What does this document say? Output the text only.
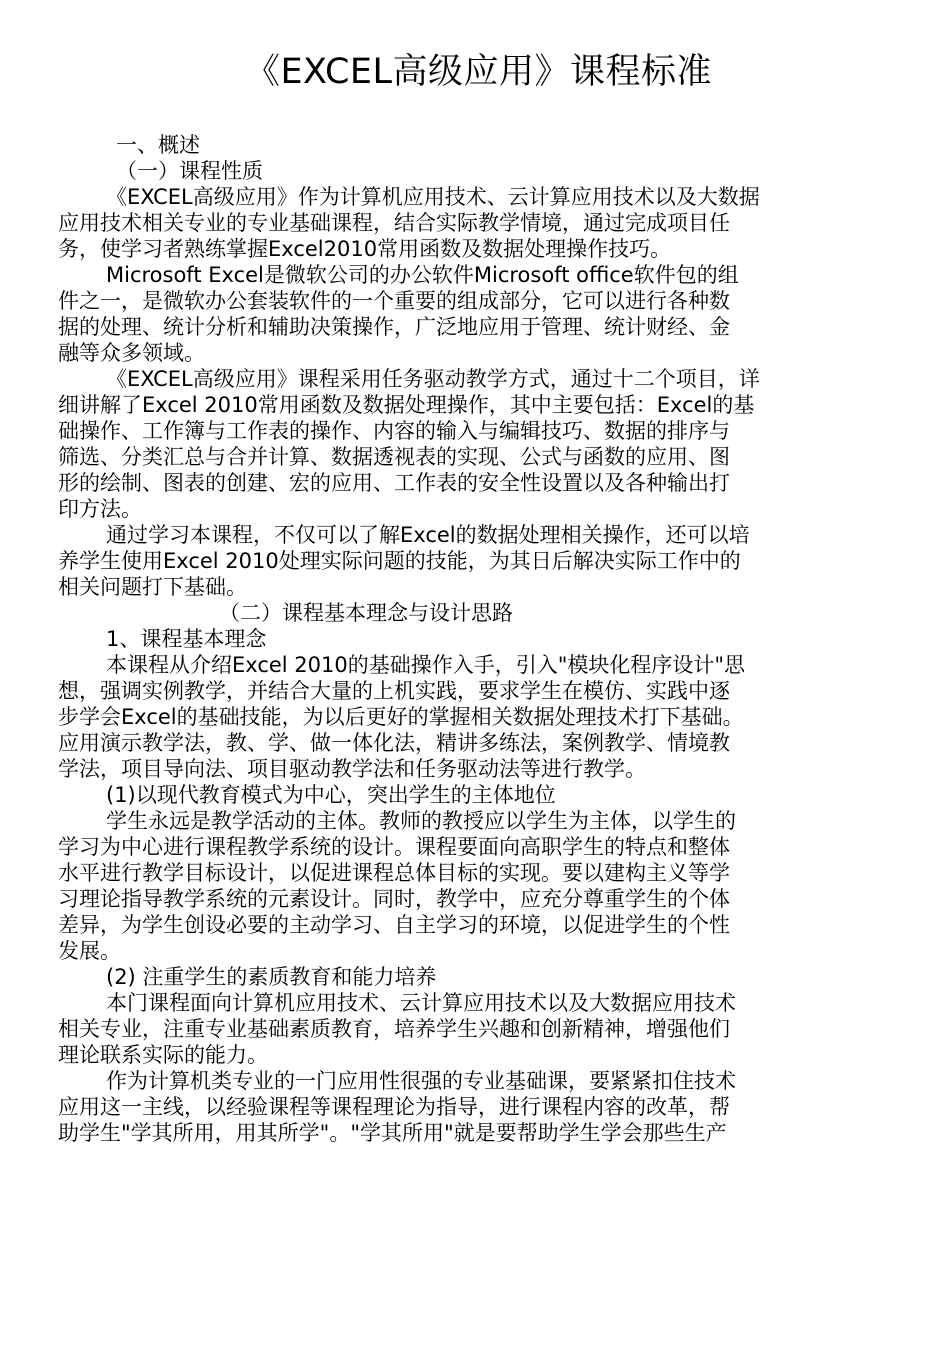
《EXCEL高级应用》课程标准

一、概述

（一）课程性质

《EXCEL高级应用》作为计算机应用技术、云计算应用技术以及大数据

应用技术相关专业的专业基础课程，结合实际教学情境，通过完成项目任

务，使学习者熟练掌握Excel2010常用函数及数据处理操作技巧。

Microsoft Excel是微软公司的办公软件Microsoft office软件包的组

件之一，是微软办公套装软件的一个重要的组成部分，它可以进行各种数

据的处理、统计分析和辅助决策操作，广泛地应用于管理、统计财经、金

融等众多领域。

《EXCEL高级应用》课程采用任务驱动教学方式，通过十二个项目，详

细讲解了Excel 2010常用函数及数据处理操作，其中主要包括：Excel的基

础操作、工作簿与工作表的操作、内容的输入与编辑技巧、数据的排序与

筛选、分类汇总与合并计算、数据透视表的实现、公式与函数的应用、图

形的绘制、图表的创建、宏的应用、工作表的安全性设置以及各种输出打

印方法。

通过学习本课程，不仅可以了解Excel的数据处理相关操作，还可以培

养学生使用Excel 2010处理实际问题的技能，为其日后解决实际工作中的

相关问题打下基础。

（二）课程基本理念与设计思路

1、课程基本理念

本课程从介绍Excel 2010的基础操作入手，引入"模块化程序设计"思

想，强调实例教学，并结合大量的上机实践，要求学生在模仿、实践中逐

步学会Excel的基础技能，为以后更好的掌握相关数据处理技术打下基础。

应用演示教学法，教、学、做一体化法，精讲多练法，案例教学、情境教

学法，项目导向法、项目驱动教学法和任务驱动法等进行教学。

(1)以现代教育模式为中心，突出学生的主体地位

学生永远是教学活动的主体。教师的教授应以学生为主体，以学生的

学习为中心进行课程教学系统的设计。课程要面向高职学生的特点和整体

水平进行教学目标设计，以促进课程总体目标的实现。要以建构主义等学

习理论指导教学系统的元素设计。同时，教学中，应充分尊重学生的个体

差异，为学生创设必要的主动学习、自主学习的环境，以促进学生的个性

发展。

(2) 注重学生的素质教育和能力培养

本门课程面向计算机应用技术、云计算应用技术以及大数据应用技术

相关专业，注重专业基础素质教育，培养学生兴趣和创新精神，增强他们

理论联系实际的能力。

作为计算机类专业的一门应用性很强的专业基础课，要紧紧扣住技术

应用这一主线，以经验课程等课程理论为指导，进行课程内容的改革，帮

助学生"学其所用，用其所学"。"学其所用"就是要帮助学生学会那些生产
